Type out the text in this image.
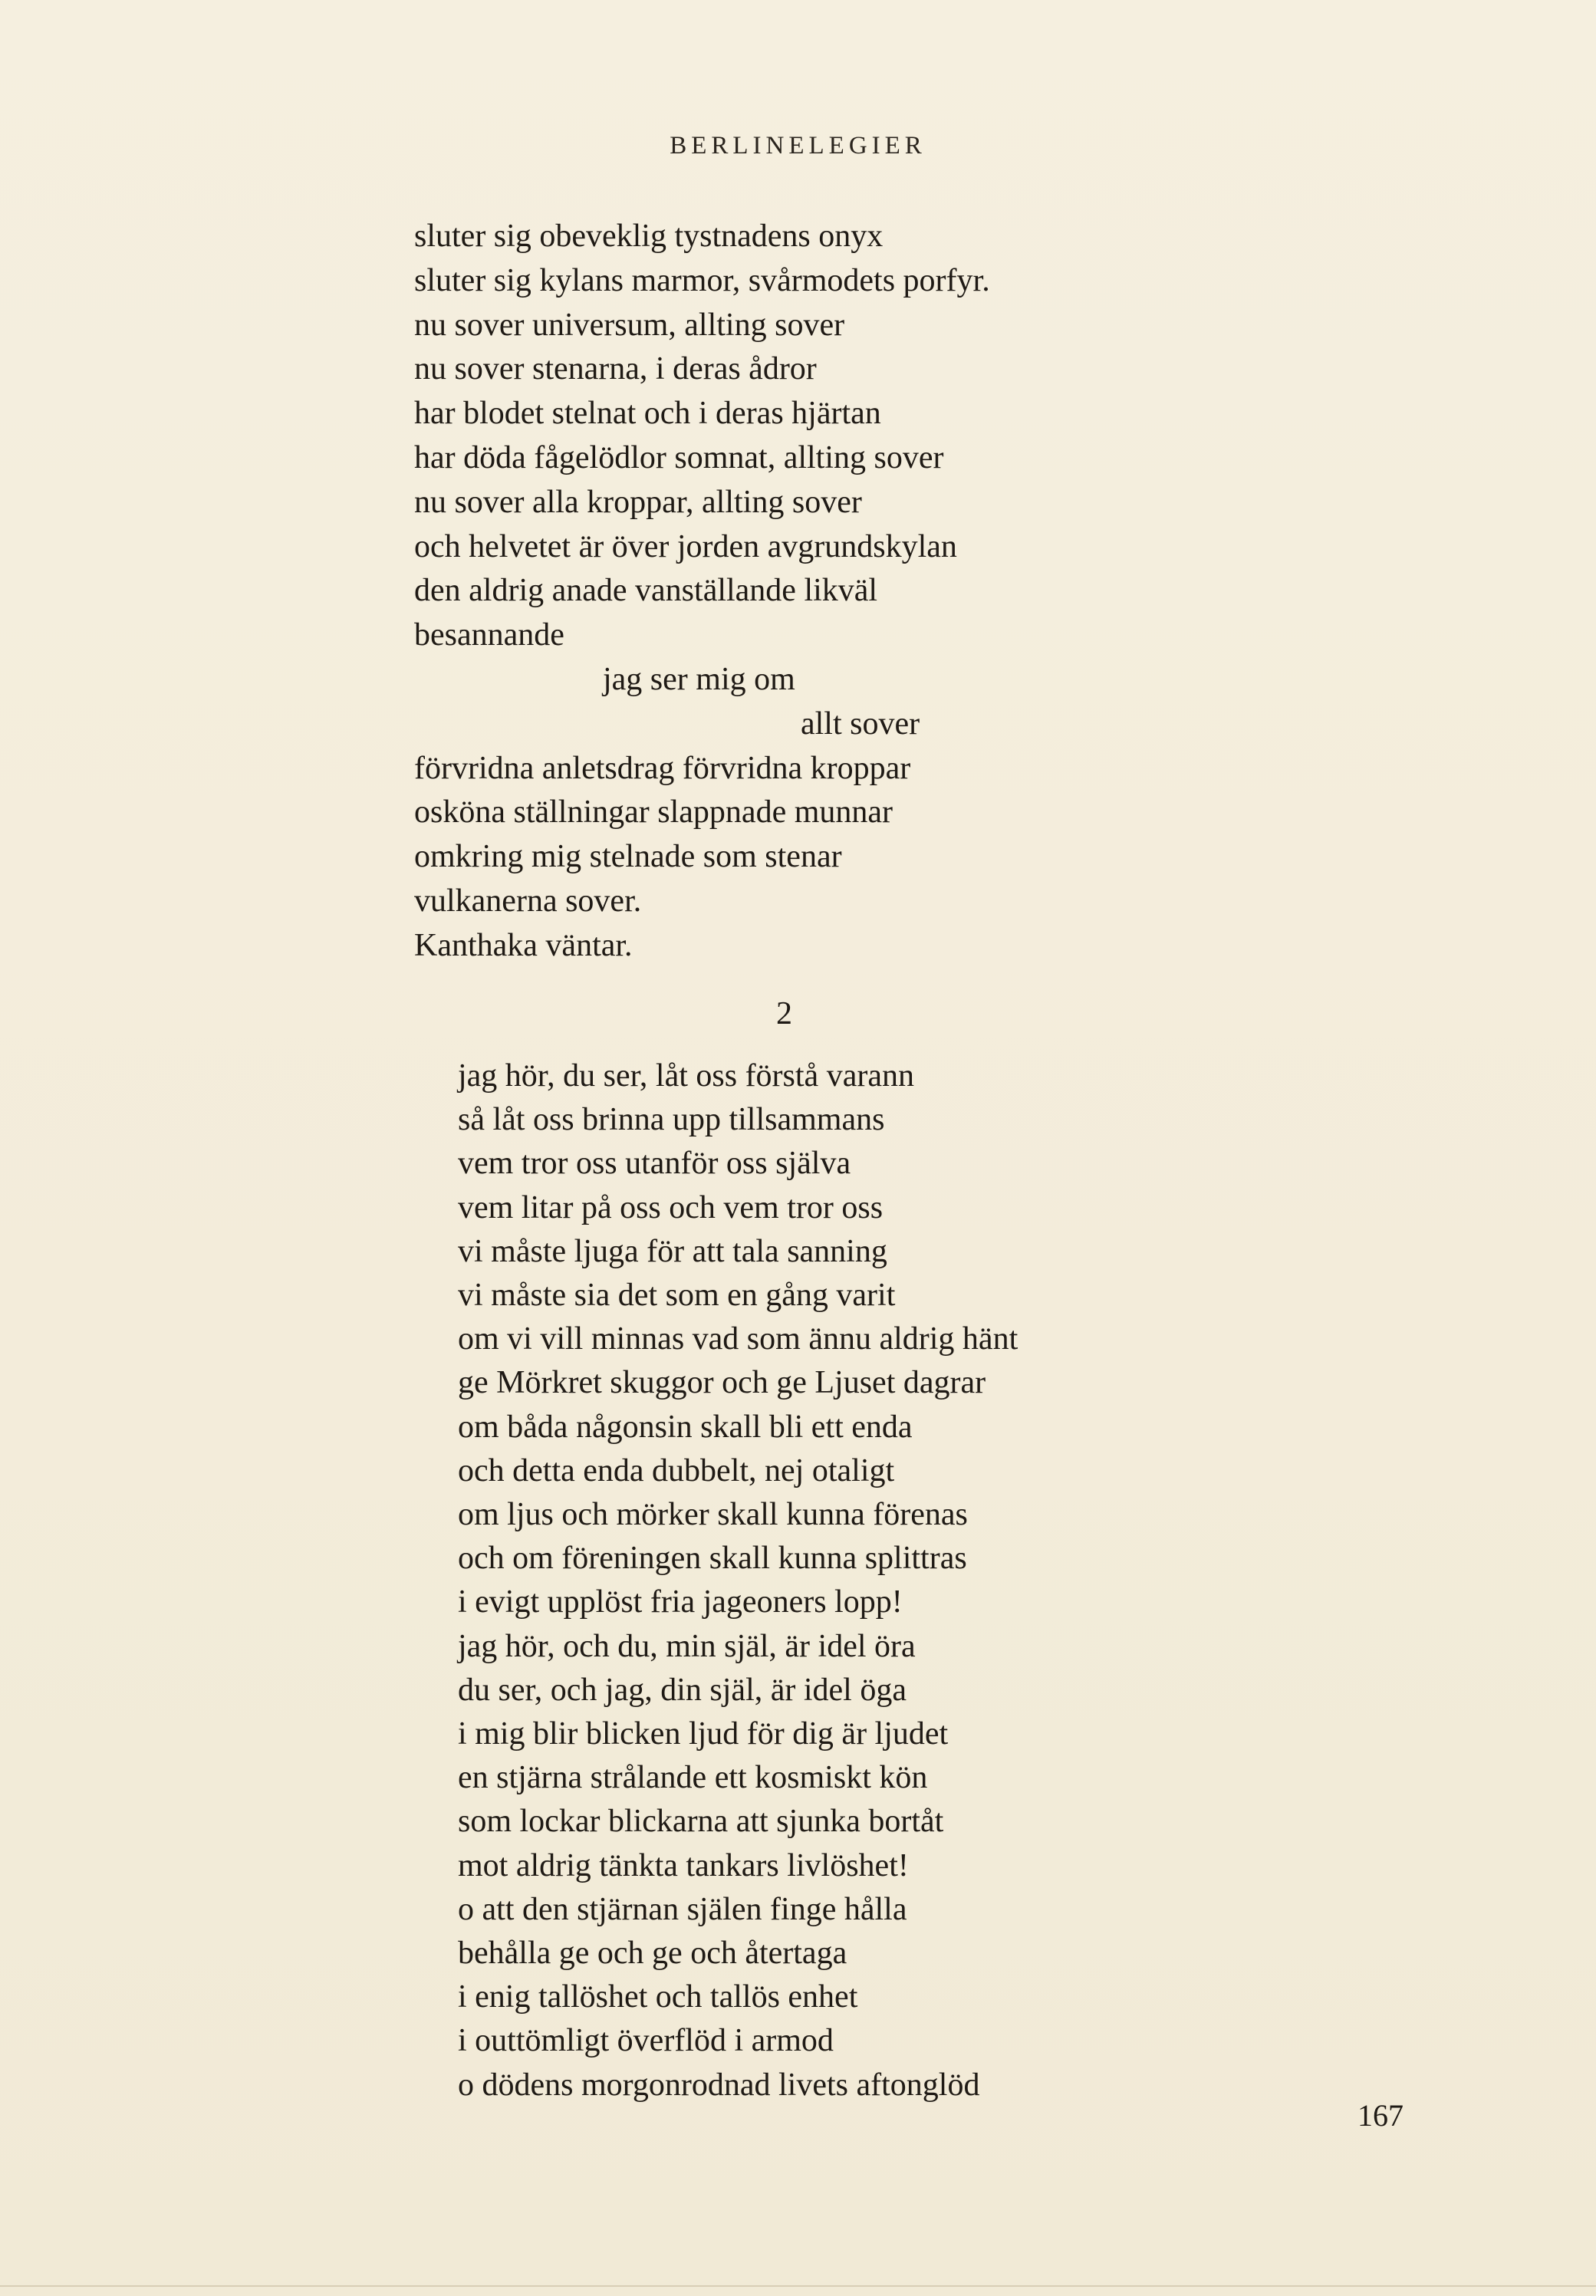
BERLINELEGIER
sluter sig obeveklig tystnadens onyx
sluter sig kylans marmor, svårmodets porfyr.
nu sover universum, allting sover
nu sover stenarna, i deras ådror
har blodet stelnat och i deras hjärtan
har döda fågelödlor somnat, allting sover
nu sover alla kroppar, allting sover
och helvetet är över jorden avgrundskylan
den aldrig anade vanställande likväl
besannande
jag ser mig om
allt sover
förvridna anletsdrag förvridna kroppar
osköna ställningar slappnade munnar
omkring mig stelnade som stenar
vulkanerna sover.
Kanthaka väntar.
2
jag hör, du ser, låt oss förstå varann
så låt oss brinna upp tillsammans
vem tror oss utanför oss själva
vem litar på oss och vem tror oss
vi måste ljuga för att tala sanning
vi måste sia det som en gång varit
om vi vill minnas vad som ännu aldrig hänt
ge Mörkret skuggor och ge Ljuset dagrar
om båda någonsin skall bli ett enda
och detta enda dubbelt, nej otaligt
om ljus och mörker skall kunna förenas
och om föreningen skall kunna splittras
i evigt upplöst fria jageoners lopp!
jag hör, och du, min själ, är idel öra
du ser, och jag, din själ, är idel öga
i mig blir blicken ljud för dig är ljudet
en stjärna strålande ett kosmiskt kön
som lockar blickarna att sjunka bortåt
mot aldrig tänkta tankars livlöshet!
o att den stjärnan själen finge hålla
behålla ge och ge och återtaga
i enig tallöshet och tallös enhet
i outtömligt överflöd i armod
o dödens morgonrodnad livets aftonglöd
167
